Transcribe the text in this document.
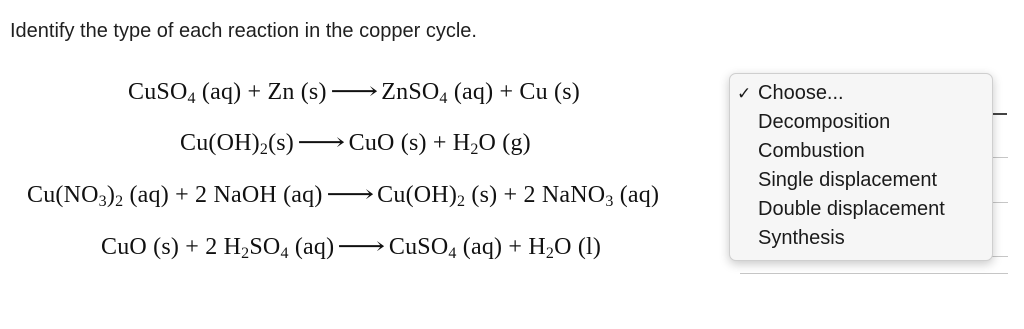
Identify the type of each reaction in the copper cycle.
CuSO$_4$ (aq) + Zn (s) ⟶ ZnSO$_4$ (aq) + Cu (s)
$Cu(OH)_2(s)$ ⟶ CuO $(s) + H_2O$ (g)
$Cu(NO_3)_2$ (aq) + 2 NaOH (aq) ⟶ $Cu(OH)_2$ (s) + 2 NaNO$_3$ (aq)
CuO (s) + 2 $H_2SO_4$ (aq) ⟶ CuSO$_4$ $(aq) + H_2O$ (l)
✓ Choose...
Decomposition
Combustion
Single displacement
Double displacement
Synthesis
